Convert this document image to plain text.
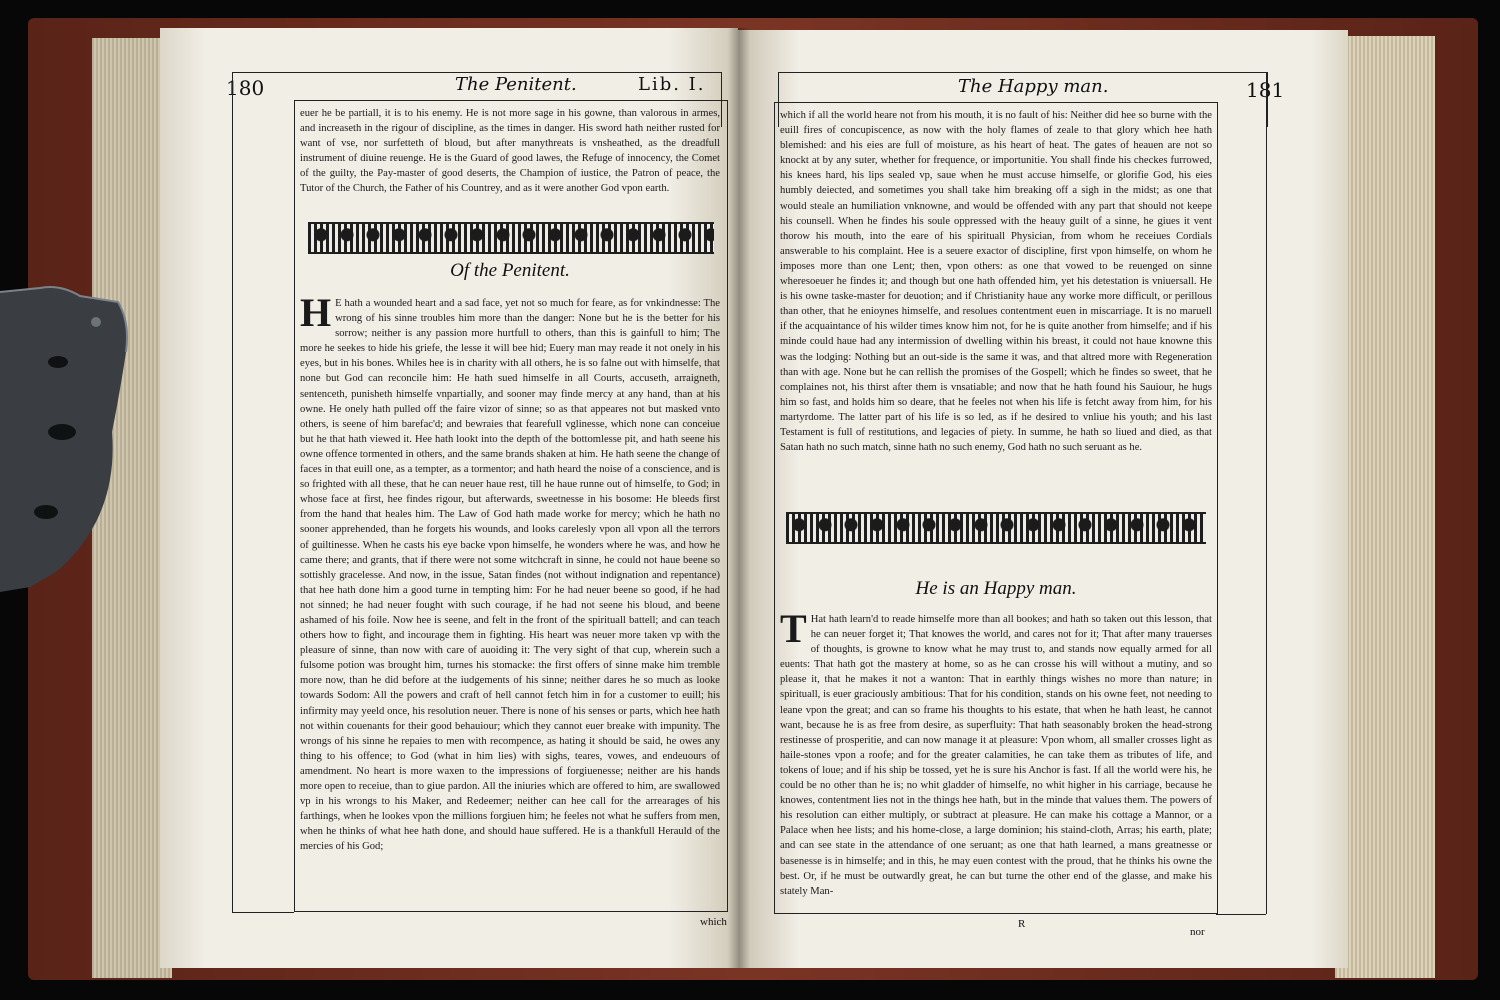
180	The Penitent.	Lib. I.

euer he be partiall, it is to his enemy. He is not more sage in his gowne, than valorous in armes, and increaseth in the rigour of discipline, as the times in danger. His sword hath neither rusted for want of vse, nor surfetteth of bloud, but after manythreats is vnsheathed, as the dreadfull instrument of diuine reuenge. He is the Guard of good lawes, the Refuge of innocency, the Comet of the guilty, the Pay-master of good deserts, the Champion of iustice, the Patron of peace, the Tutor of the Church, the Father of his Countrey, and as it were another God vpon earth.

Of the Penitent.
H E hath a wounded heart and a sad face, yet not so much for feare, as for vnkindnesse: The wrong of his sinne troubles him more than the danger: None but he is the better for his sorrow; neither is any passion more hurtfull to others, than this is gainfull to him; The more he seekes to hide his griefe, the lesse it will bee hid; Euery man may reade it not onely in his eyes, but in his bones. Whiles hee is in charity with all others, he is so falne out with himselfe, that none but God can reconcile him: He hath sued himselfe in all Courts, accuseth, arraigneth, sentenceth, punisheth himselfe vnpartially, and sooner may finde mercy at any hand, than at his owne. He onely hath pulled off the faire vizor of sinne; so as that appeares not but masked vnto others, is seene of him barefac'd; and bewraies that fearefull vglinesse, which none can conceiue but he that hath viewed it. Hee hath lookt into the depth of the bottomlesse pit, and hath seene his owne offence tormented in others, and the same brands shaken at him. He hath seene the change of faces in that euill one, as a tempter, as a tormentor; and hath heard the noise of a conscience, and is so frighted with all these, that he can neuer haue rest, till he haue runne out of himselfe, to God; in whose face at first, hee findes rigour, but afterwards, sweetnesse in his bosome: He bleeds first from the hand that heales him. The Law of God hath made worke for mercy; which he hath no sooner apprehended, than he forgets his wounds, and looks carelesly vpon all vpon all the terrors of guiltinesse. When he casts his eye backe vpon himselfe, he wonders where he was, and how he came there; and grants, that if there were not some witchcraft in sinne, he could not haue beene so sottishly gracelesse. And now, in the issue, Satan findes (not without indignation and repentance) that hee hath done him a good turne in tempting him: For he had neuer beene so good, if he had not sinned; he had neuer fought with such courage, if he had not seene his bloud, and beene ashamed of his foile. Now hee is seene, and felt in the front of the spirituall battell; and can teach others how to fight, and incourage them in fighting. His heart was neuer more taken vp with the pleasure of sinne, than now with care of auoiding it: The very sight of that cup, wherein such a fulsome potion was brought him, turnes his stomacke: the first offers of sinne make him tremble more now, than he did before at the iudgements of his sinne; neither dares he so much as looke towards Sodom: All the powers and craft of hell cannot fetch him in for a customer to euill; his infirmity may yeeld once, his resolution neuer. There is none of his senses or parts, which hee hath not within couenants for their good behauiour; which they cannot euer breake with impunity. The wrongs of his sinne he repaies to men with recompence, as hating it should be said, he owes any thing to his offence; to God (what in him lies) with sighs, teares, vowes, and endeuours of amendment. No heart is more waxen to the impressions of forgiuenesse; neither are his hands more open to receiue, than to giue pardon. All the iniuries which are offered to him, are swallowed vp in his wrongs to his Maker, and Redeemer; neither can hee call for the arrearages of his farthings, when he lookes vpon the millions forgiuen him; he feeles not what he suffers from men, when he thinks of what hee hath done, and should haue suffered. He is a thankfull Herauld of the mercies of his God;
which
The Happy man.	181

which if all the world heare not from his mouth, it is no fault of his: Neither did hee so burne with the euill fires of concupiscence, as now with the holy flames of zeale to that glory which hee hath blemished: and his eies are full of moisture, as his heart of heat. The gates of heauen are not so knockt at by any suter, whether for frequence, or importunitie. You shall finde his checkes furrowed, his knees hard, his lips sealed vp, saue when he must accuse himselfe, or glorifie God, his eies humbly deiected, and sometimes you shall take him breaking off a sigh in the midst; as one that would steale an humiliation vnknowne, and would be offended with any part that should not keepe his counsell. When he findes his soule oppressed with the heauy guilt of a sinne, he giues it vent thorow his mouth, into the eare of his spirituall Physician, from whom he receiues Cordials answerable to his complaint. Hee is a seuere exactor of discipline, first vpon himselfe, on whom he imposes more than one Lent; then, vpon others: as one that vowed to be reuenged on sinne wheresoeuer he findes it; and though but one hath offended him, yet his detestation is vniuersall. He is his owne taske-master for deuotion; and if Christianity haue any worke more difficult, or perillous than other, that he enioynes himselfe, and resolues contentment euen in miscarriage. It is no maruell if the acquaintance of his wilder times know him not, for he is quite another from himselfe; and if his minde could haue had any intermission of dwelling within his breast, it could not haue knowne this was the lodging: Nothing but an out-side is the same it was, and that altred more with Regeneration than with age. None but he can rellish the promises of the Gospell; which he findes so sweet, that he complaines not, his thirst after them is vnsatiable; and now that he hath found his Sauiour, he hugs him so fast, and holds him so deare, that he feeles not when his life is fetcht away from him, for his martyrdome. The latter part of his life is so led, as if he desired to vnliue his youth; and his last Testament is full of restitutions, and legacies of piety. In summe, he hath so liued and died, as that Satan hath no such match, sinne hath no such enemy, God hath no such seruant as he.

He is an Happy man.
T Hat hath learn'd to reade himselfe more than all bookes; and hath so taken out this lesson, that he can neuer forget it; That knowes the world, and cares not for it; That after many trauerses of thoughts, is growne to know what he may trust to, and stands now equally armed for all euents: That hath got the mastery at home, so as he can crosse his will without a mutiny, and so please it, that he makes it not a wanton: That in earthly things wishes no more than nature; in spirituall, is euer graciously ambitious: That for his condition, stands on his owne feet, not needing to leane vpon the great; and can so frame his thoughts to his estate, that when he hath least, he cannot want, because he is as free from desire, as superfluity: That hath seasonably broken the head-strong restinesse of prosperitie, and can now manage it at pleasure: Vpon whom, all smaller crosses light as haile-stones vpon a roofe; and for the greater calamities, he can take them as tributes of life, and tokens of loue; and if his ship be tossed, yet he is sure his Anchor is fast. If all the world were his, he could be no other than he is; no whit gladder of himselfe, no whit higher in his carriage, because he knowes, contentment lies not in the things hee hath, but in the minde that values them. The powers of his resolution can either multiply, or subtract at pleasure. He can make his cottage a Mannor, or a Palace when hee lists; and his home-close, a large dominion; his staind-cloth, Arras; his earth, plate; and can see state in the attendance of one seruant; as one that hath learned, a mans greatnesse or basenesse is in himselfe; and in this, he may euen contest with the proud, that he thinks his owne the best. Or, if he must be outwardly great, he can but turne the other end of the glasse, and make his stately Man-
R
nor
